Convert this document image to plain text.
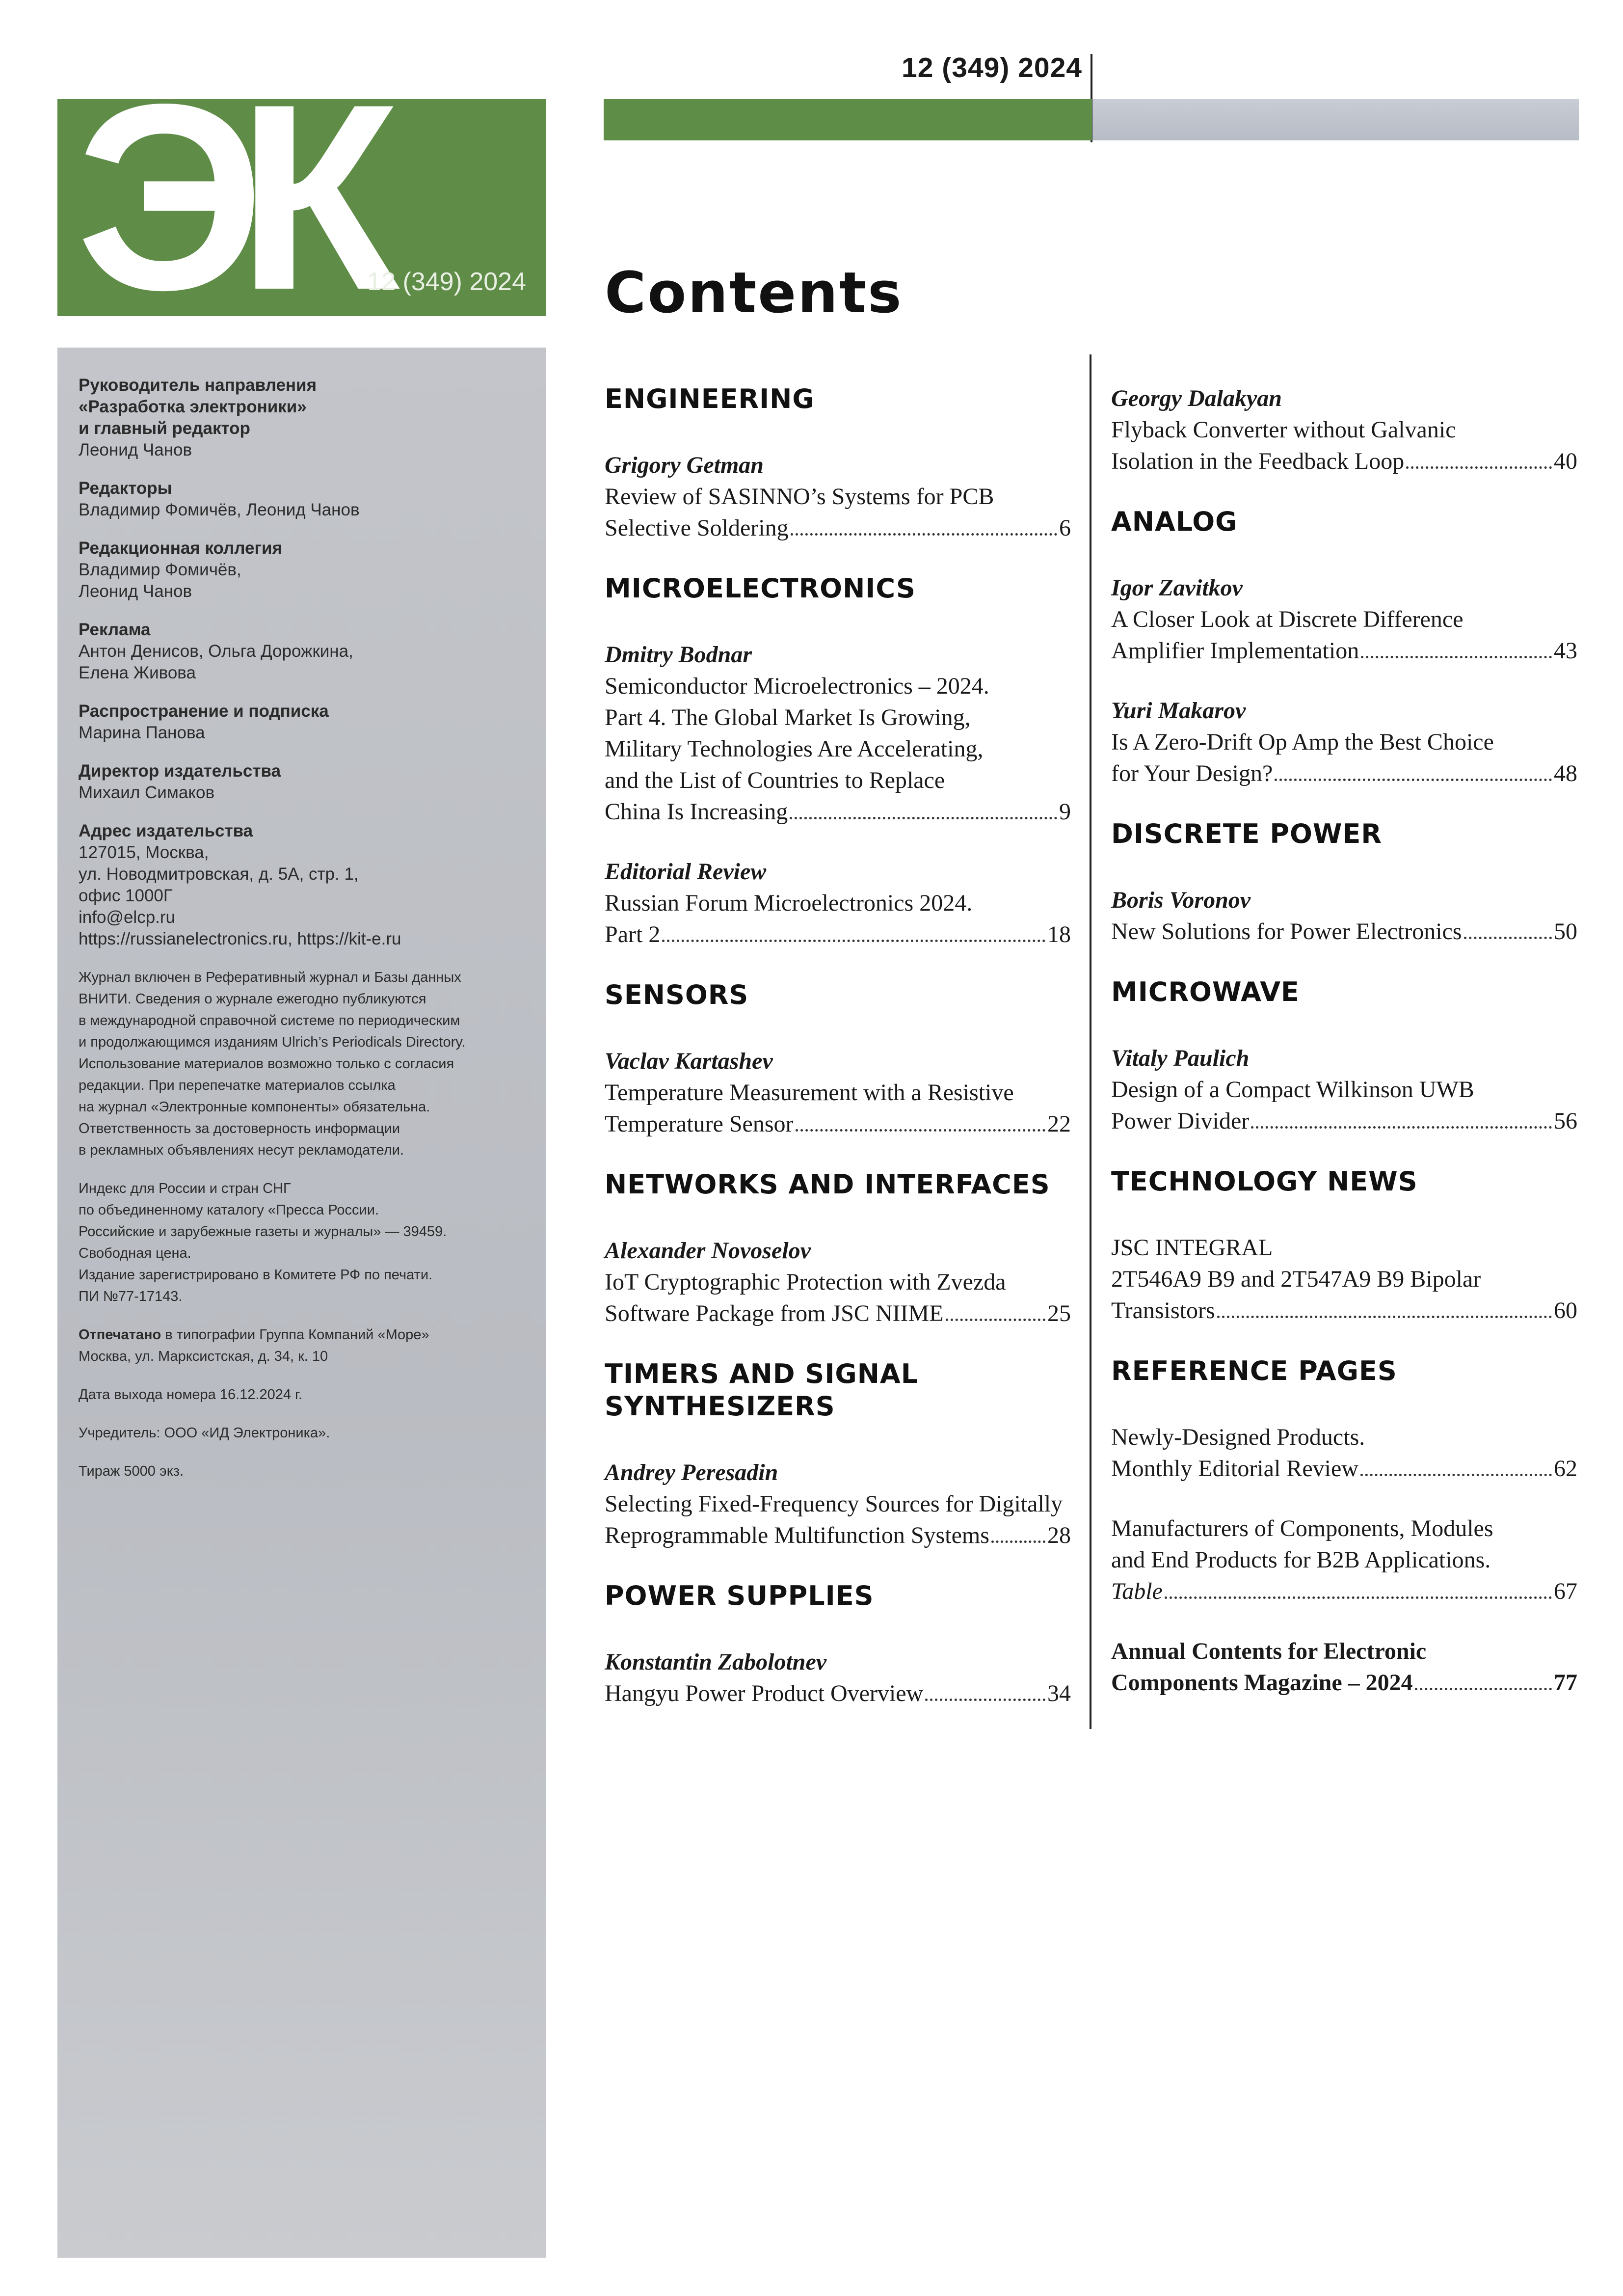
12 (349) 2024
ЭК
12 (349) 2024 Contents
Руководитель направления
«Разработка электроники»
и главный редактор
Леонид Чанов
Редакторы
Владимир Фомичёв, Леонид Чанов
Редакционная коллегия
Владимир Фомичёв,
Леонид Чанов
Реклама
Антон Денисов, Ольга Дорожкина,
Елена Живова
Распространение и подписка
Марина Панова
Директор издательства
Михаил Симаков
Адрес издательства
127015, Москва,
ул. Новодмитровская, д. 5А, стр. 1,
офис 1000Г
info@elcp.ru
https://russianelectronics.ru, https://kit-e.ru
Журнал включен в Реферативный журнал и Базы данных
ВНИТИ. Сведения о журнале ежегодно публикуются
в международной справочной системе по периодическим
и продолжающимся изданиям Ulrich’s Periodicals Directory.
Использование материалов возможно только с согласия
редакции. При перепечатке материалов ссылка
на журнал «Электронные компоненты» обязательна.
Ответственность за достоверность информации
в рекламных объявлениях несут рекламодатели.
Индекс для России и стран СНГ
по объединенному каталогу «Пресса России.
Российские и зарубежные газеты и журналы» — 39459.
Свободная цена.
Издание зарегистрировано в Комитете РФ по печати.
ПИ №77-17143.
Отпечатано в типографии Группа Компаний «Море»
Москва, ул. Марксистская, д. 34, к. 10
Дата выхода номера 16.12.2024 г.
Учредитель: ООО «ИД Электроника».
Тираж 5000 экз.
ENGINEERING
Grigory Getman
Review of SASINNO’s Systems for PCB
Selective Soldering	6
MICROELECTRONICS
Dmitry Bodnar
Semiconductor Microelectronics – 2024.
Part 4. The Global Market Is Growing,
Military Technologies Are Accelerating,
and the List of Countries to Replace
China Is Increasing	9
Editorial Review
Russian Forum Microelectronics 2024.
Part 2	18
SENSORS
Vaclav Kartashev
Temperature Measurement with a Resistive
Temperature Sensor	22
NETWORKS AND INTERFACES
Alexander Novoselov
IoT Cryptographic Protection with Zvezda
Software Package from JSC NIIME	25
TIMERS AND SIGNAL
SYNTHESIZERS
Andrey Peresadin
Selecting Fixed-Frequency Sources for Digitally
Reprogrammable Multifunction Systems 28
POWER SUPPLIES
Konstantin Zabolotnev
Hangyu Power Product Overview	34
Georgy Dalakyan
Flyback Converter without Galvanic
Isolation in the Feedback Loop	40
ANALOG
Igor Zavitkov
A Closer Look at Discrete Difference
Amplifier Implementation	43
Yuri Makarov
Is A Zero-Drift Op Amp the Best Choice
for Your Design?	48
DISCRETE POWER
Boris Voronov
New Solutions for Power Electronics	50
MICROWAVE
Vitaly Paulich
Design of a Compact Wilkinson UWB
Power Divider	56
TECHNOLOGY NEWS
JSC INTEGRAL
2T546A9 B9 and 2T547A9 B9 Bipolar
Transistors	60
REFERENCE PAGES
Newly-Designed Products.
Monthly Editorial Review	62
Manufacturers of Components, Modules
and End Products for B2B Applications.
Table	67
Annual Contents for Electronic
Components Magazine – 2024	77
